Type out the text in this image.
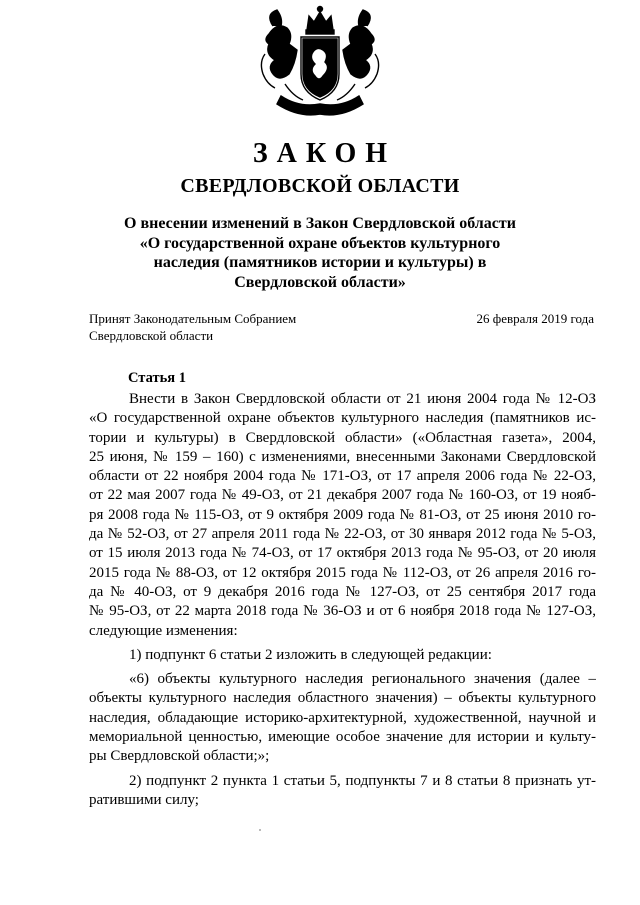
ЗАКОН
СВЕРДЛОВСКОЙ ОБЛАСТИ
О внесении изменений в Закон Свердловской области
«О государственной охране объектов культурного
наследия (памятников истории и культуры) в
Свердловской области»
Принят Законодательным Собранием
Свердловской области
26 февраля 2019 года
Статья 1
Внести в Закон Свердловской области от 21 июня 2004 года № 12-ОЗ
«О государственной охране объектов культурного наследия (памятников ис-
тории и культуры) в Свердловской области» («Областная газета», 2004,
25 июня, № 159 – 160) с изменениями, внесенными Законами Свердловской
области от 22 ноября 2004 года № 171-ОЗ, от 17 апреля 2006 года № 22-ОЗ,
от 22 мая 2007 года № 49-ОЗ, от 21 декабря 2007 года № 160-ОЗ, от 19 нояб-
ря 2008 года № 115-ОЗ, от 9 октября 2009 года № 81-ОЗ, от 25 июня 2010 го-
да № 52-ОЗ, от 27 апреля 2011 года № 22-ОЗ, от 30 января 2012 года № 5-ОЗ,
от 15 июля 2013 года № 74-ОЗ, от 17 октября 2013 года № 95-ОЗ, от 20 июля
2015 года № 88-ОЗ, от 12 октября 2015 года № 112-ОЗ, от 26 апреля 2016 го-
да № 40-ОЗ, от 9 декабря 2016 года № 127-ОЗ, от 25 сентября 2017 года
№ 95-ОЗ, от 22 марта 2018 года № 36-ОЗ и от 6 ноября 2018 года № 127-ОЗ,
следующие изменения:
1) подпункт 6 статьи 2 изложить в следующей редакции:
«6) объекты культурного наследия регионального значения (далее –
объекты культурного наследия областного значения) – объекты культурного
наследия, обладающие историко-архитектурной, художественной, научной и
мемориальной ценностью, имеющие особое значение для истории и культу-
ры Свердловской области;»;
2) подпункт 2 пункта 1 статьи 5, подпункты 7 и 8 статьи 8 признать ут-
ратившими силу;
